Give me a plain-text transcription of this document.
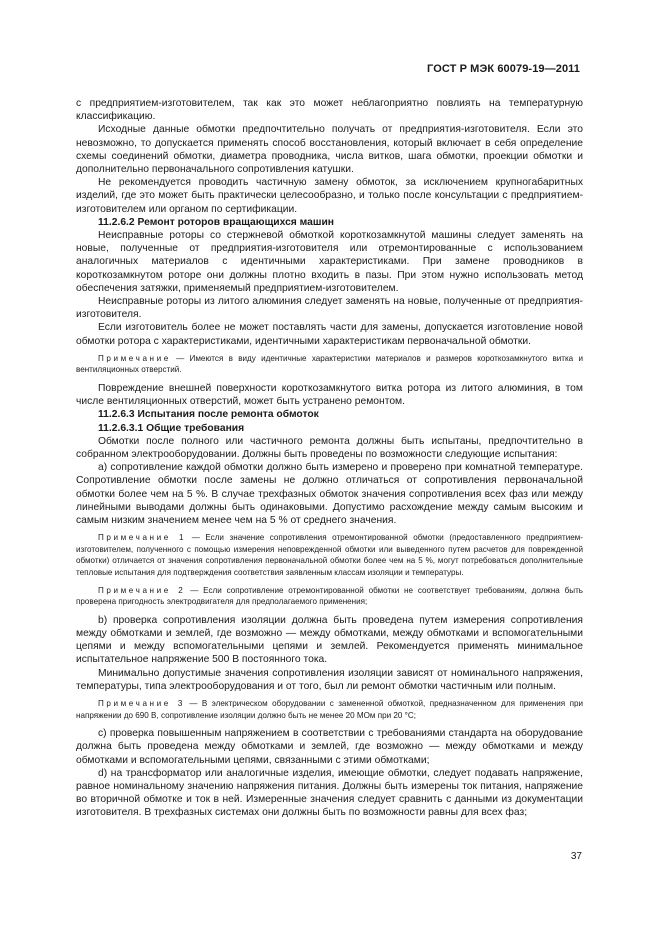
ГОСТ Р МЭК 60079-19—2011

с предприятием-изготовителем, так как это может неблагоприятно повлиять на температурную классификацию.

Исходные данные обмотки предпочтительно получать от предприятия-изготовителя. Если это невозможно, то допускается применять способ восстановления, который включает в себя определение схемы соединений обмотки, диаметра проводника, числа витков, шага обмотки, проекции обмотки и дополнительно первоначального сопротивления катушки.

Не рекомендуется проводить частичную замену обмоток, за исключением крупногабаритных изделий, где это может быть практически целесообразно, и только после консультации с предприятием-изготовителем или органом по сертификации.

11.2.6.2 Ремонт роторов вращающихся машин

Неисправные роторы со стержневой обмоткой короткозамкнутой машины следует заменять на новые, полученные от предприятия-изготовителя или отремонтированные с использованием аналогичных материалов с идентичными характеристиками. При замене проводников в короткозамкнутом роторе они должны плотно входить в пазы. При этом нужно использовать метод обеспечения затяжки, применяемый предприятием-изготовителем.

Неисправные роторы из литого алюминия следует заменять на новые, полученные от предприятия-изготовителя.

Если изготовитель более не может поставлять части для замены, допускается изготовление новой обмотки ротора с характеристиками, идентичными характеристикам первоначальной обмотки.

Примечание — Имеются в виду идентичные характеристики материалов и размеров короткозамкнутого витка и вентиляционных отверстий.

Повреждение внешней поверхности короткозамкнутого витка ротора из литого алюминия, в том числе вентиляционных отверстий, может быть устранено ремонтом.

11.2.6.3 Испытания после ремонта обмоток

11.2.6.3.1 Общие требования

Обмотки после полного или частичного ремонта должны быть испытаны, предпочтительно в собранном электрооборудовании. Должны быть проведены по возможности следующие испытания:

a) сопротивление каждой обмотки должно быть измерено и проверено при комнатной температуре. Сопротивление обмотки после замены не должно отличаться от сопротивления первоначальной обмотки более чем на 5 %. В случае трехфазных обмоток значения сопротивления всех фаз или между линейными выводами должны быть одинаковыми. Допустимо расхождение между самым высоким и самым низким значением менее чем на 5 % от среднего значения.

Примечание 1 — Если значение сопротивления отремонтированной обмотки (предоставленного предприятием-изготовителем, полученного с помощью измерения неповрежденной обмотки или выведенного путем расчетов для поврежденной обмотки) отличается от значения сопротивления первоначальной обмотки более чем на 5 %, могут потребоваться дополнительные тепловые испытания для подтверждения соответствия заявленным классам изоляции и температуры.

Примечание 2 — Если сопротивление отремонтированной обмотки не соответствует требованиям, должна быть проверена пригодность электродвигателя для предполагаемого применения;

b) проверка сопротивления изоляции должна быть проведена путем измерения сопротивления между обмотками и землей, где возможно — между обмотками, между обмотками и вспомогательными цепями и между вспомогательными цепями и землей. Рекомендуется применять минимальное испытательное напряжение 500 В постоянного тока.

Минимально допустимые значения сопротивления изоляции зависят от номинального напряжения, температуры, типа электрооборудования и от того, был ли ремонт обмотки частичным или полным.

Примечание 3 — В электрическом оборудовании с замененной обмоткой, предназначенном для применения при напряжении до 690 В, сопротивление изоляции должно быть не менее 20 МОм при 20 °С;

c) проверка повышенным напряжением в соответствии с требованиями стандарта на оборудование должна быть проведена между обмотками и землей, где возможно — между обмотками и между обмотками и вспомогательными цепями, связанными с этими обмотками;

d) на трансформатор или аналогичные изделия, имеющие обмотки, следует подавать напряжение, равное номинальному значению напряжения питания. Должны быть измерены ток питания, напряжение во вторичной обмотке и ток в ней. Измеренные значения следует сравнить с данными из документации изготовителя. В трехфазных системах они должны быть по возможности равны для всех фаз;

37
